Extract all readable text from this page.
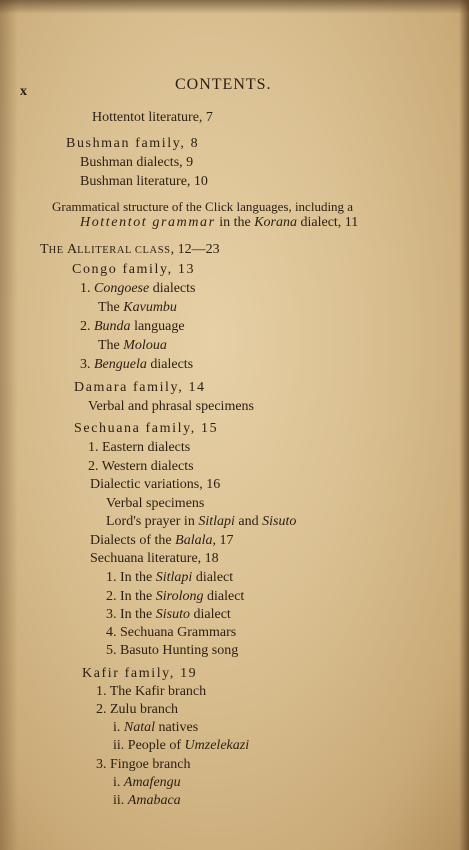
x	CONTENTS.
Hottentot literature, 7
Bushman family, 8
Bushman dialects, 9
Bushman literature, 10
Grammatical structure of the Click languages, including a
Hottentot grammar in the Korana dialect, 11
THE ALLITERAL CLASS, 12—23
Congo family, 13
1. Congoese dialects
The Kavumbu
2. Bunda language
The Moloua
3. Benguela dialects
Damara family, 14
Verbal and phrasal specimens
Sechuana family, 15
1. Eastern dialects
2. Western dialects
Dialectic variations, 16
Verbal specimens
Lord's prayer in Sitlapi and Sisuto
Dialects of the Balala, 17
Sechuana literature, 18
1. In the Sitlapi dialect
2. In the Sirolong dialect
3. In the Sisuto dialect
4. Sechuana Grammars
5. Basuto Hunting song
Kafir family, 19
1. The Kafir branch
2. Zulu branch
i. Natal natives
ii. People of Umzelekazi
3. Fingoe branch
i. Amafengu
ii. Amabaca
